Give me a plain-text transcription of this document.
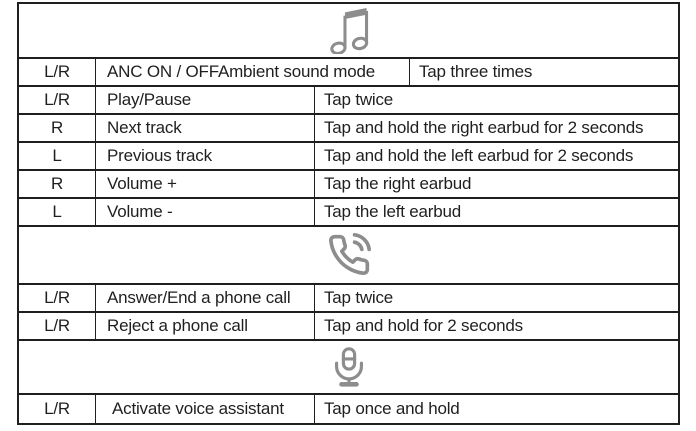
L/R	ANC ON / OFFAmbient sound mode	Tap three times
L/R	Play/Pause	Tap twice
R	Next track	Tap and hold the right earbud for 2 seconds
L	Previous track	Tap and hold the left earbud for 2 seconds
R	Volume +	Tap the right earbud
L	Volume -	Tap the left earbud
L/R	Answer/End a phone call	Tap twice
L/R	Reject a phone call	Tap and hold for 2 seconds
L/R	Activate voice assistant	Tap once and hold
